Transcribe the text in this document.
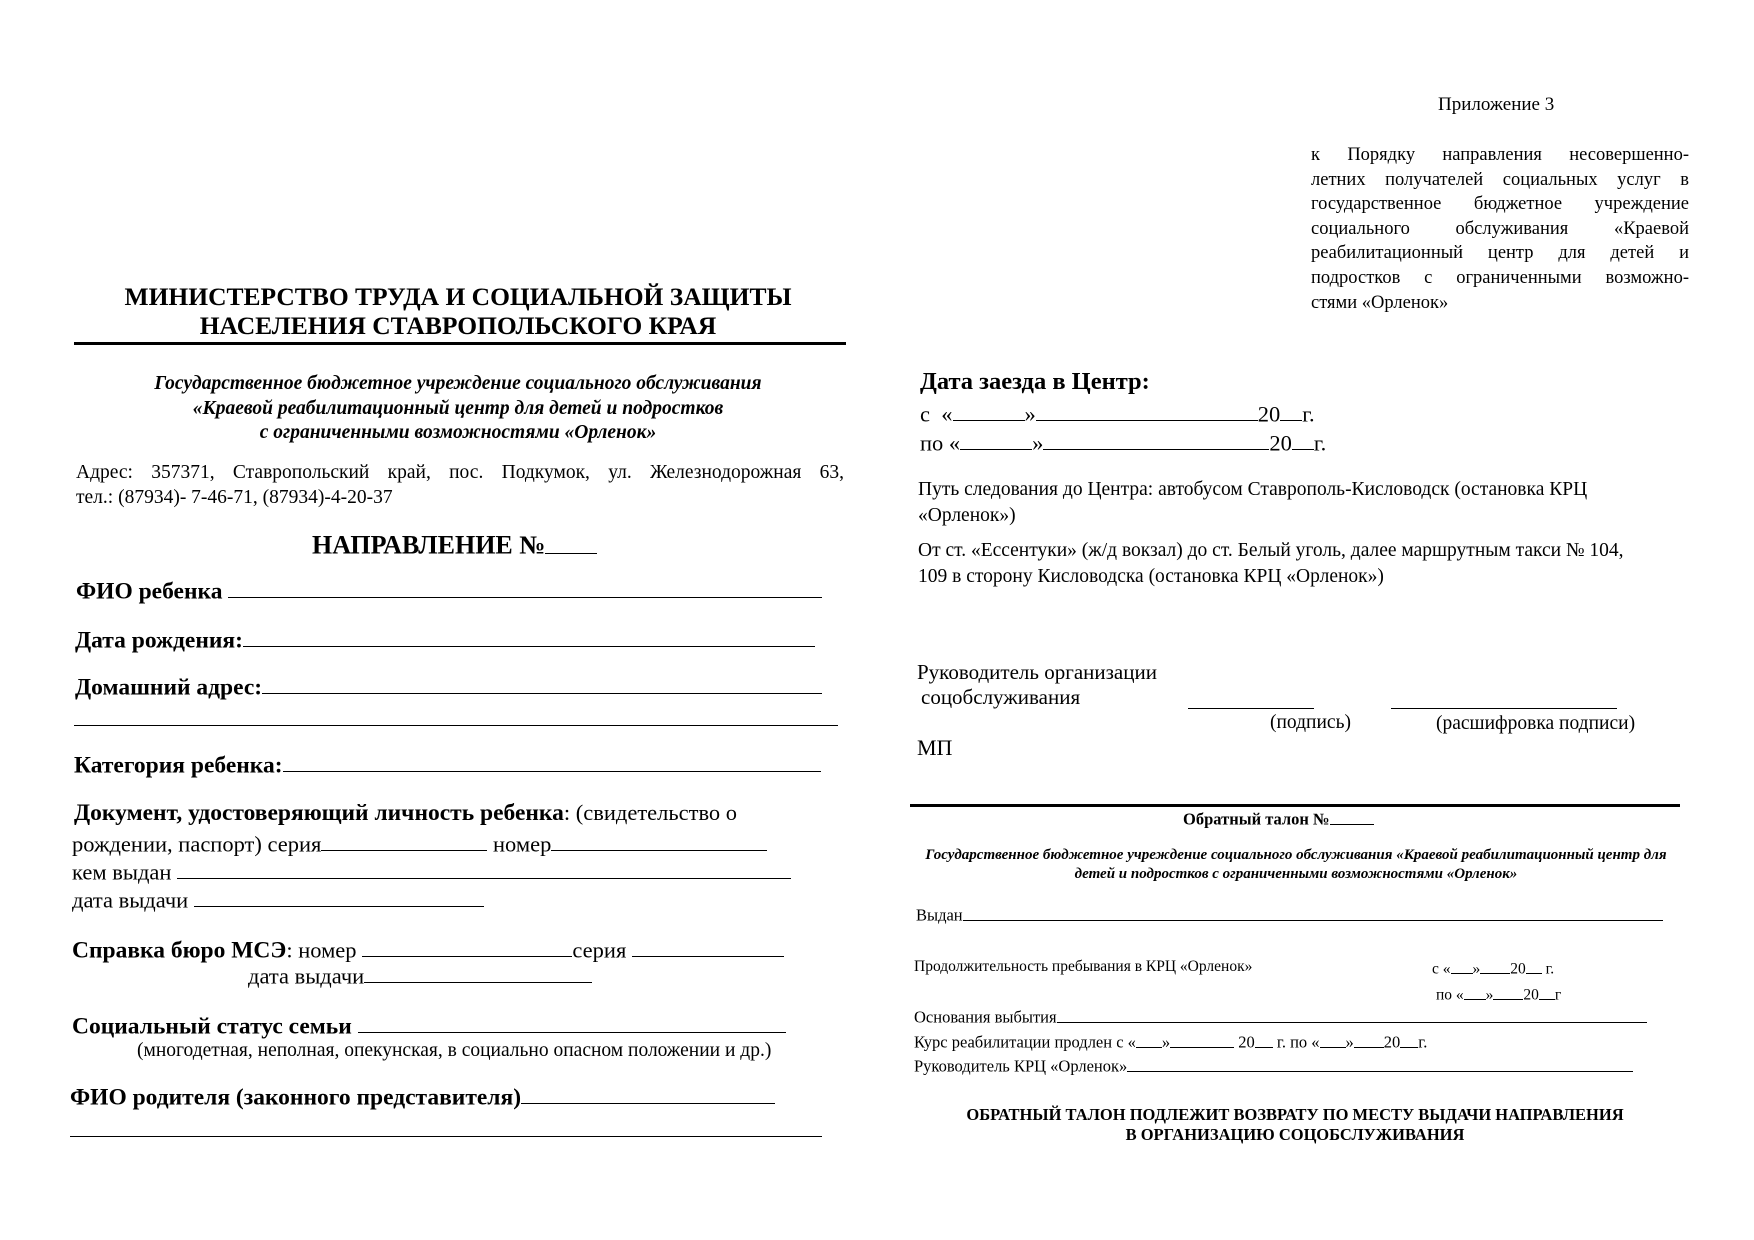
МИНИСТЕРСТВО ТРУДА И СОЦИАЛЬНОЙ ЗАЩИТЫ
НАСЕЛЕНИЯ СТАВРОПОЛЬСКОГО КРАЯ
Государственное бюджетное учреждение социального обслуживания
«Краевой реабилитационный центр для детей и подростков
с ограниченными возможностями «Орленок»
Адрес: 357371, Ставропольский край, пос. Подкумок, ул. Железнодорожная 63,
тел.: (87934)- 7-46-71, (87934)-4-20-37
НАПРАВЛЕНИЕ №
ФИО ребенка
Дата рождения:
Домашний адрес:
Категория ребенка:
Документ, удостоверяющий личность ребенка: (свидетельство о
рождении, паспорт) серия	номер
кем выдан
дата выдачи
Справка бюро МСЭ: номер	серия
дата выдачи
Социальный статус семьи
(многодетная, неполная, опекунская, в социально опасном положении и др.)
ФИО родителя (законного представителя)
Приложение 3
к Порядку направления несовершенно-
летних получателей социальных услуг в
государственное бюджетное учреждение
социального обслуживания «Краевой
реабилитационный центр для детей и
подростков с ограниченными возможно-
стями «Орленок»
Дата заезда в Центр:
с «	»	20 г.
по «	»	20 г.
Путь следования до Центра: автобусом Ставрополь-Кисловодск (остановка КРЦ «Орленок»)
От ст. «Ессентуки» (ж/д вокзал) до ст. Белый уголь, далее маршрутным такси № 104, 109 в сторону Кисловодска (остановка КРЦ «Орленок»)
Руководитель организации
соцобслуживания
(подпись)	(расшифровка подписи)
МП
Обратный талон №
Государственное бюджетное учреждение социального обслуживания «Краевой реабилитационный центр для детей и подростков с ограниченными возможностями «Орленок»
Выдан
Продолжительность пребывания в КРЦ «Орленок»	с « » 20 г.
по « » 20 г
Основания выбытия
Курс реабилитации продлен с « »	20 г. по « » 20 г.
Руководитель КРЦ «Орленок»
ОБРАТНЫЙ ТАЛОН ПОДЛЕЖИТ ВОЗВРАТУ ПО МЕСТУ ВЫДАЧИ НАПРАВЛЕНИЯ
В ОРГАНИЗАЦИЮ СОЦОБСЛУЖИВАНИЯ
